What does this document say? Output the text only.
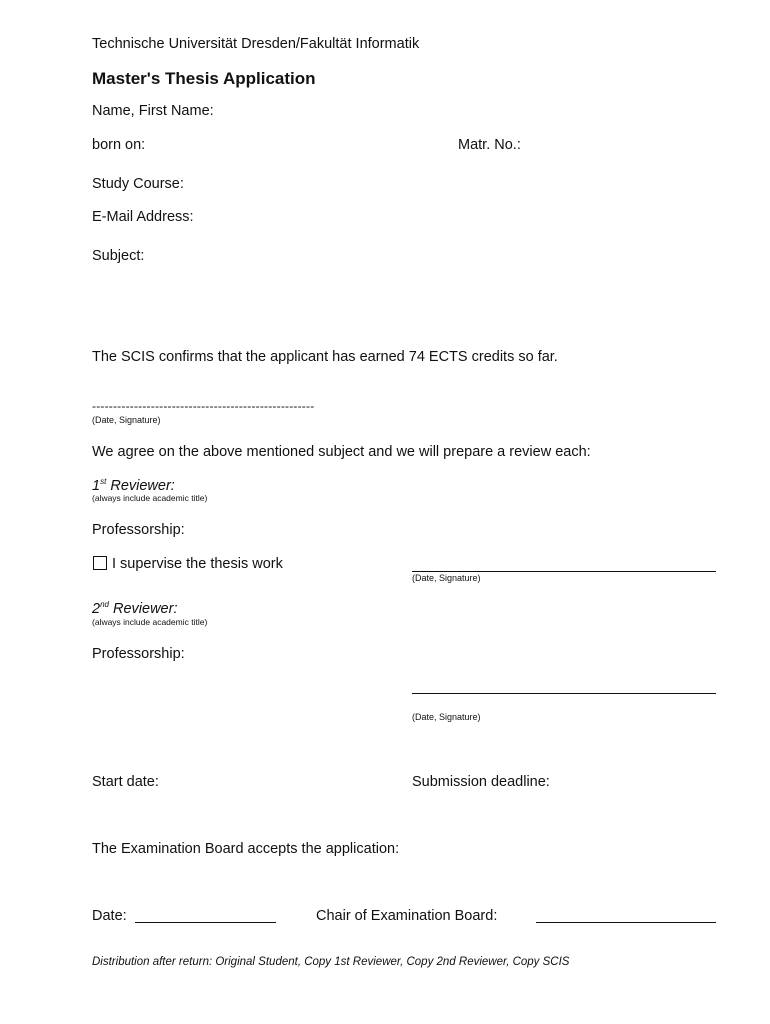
Technische Universität Dresden/Fakultät Informatik
Master's Thesis Application
Name, First Name:
born on:	Matr. No.:
Study Course:
E-Mail Address:
Subject:
The SCIS confirms that the applicant has earned 74 ECTS credits so far.
-----------------------------------------------------
(Date, Signature)
We agree on the above mentioned subject and we will prepare a review each:
1st Reviewer:
(always include academic title)
Professorship:
I supervise the thesis work
(Date, Signature)
2nd Reviewer:
(always include academic title)
Professorship:
(Date, Signature)
Start date:	Submission deadline:
The Examination Board accepts the application:
Date:	Chair of Examination Board:
Distribution after return: Original Student, Copy 1st Reviewer, Copy 2nd Reviewer, Copy SCIS
